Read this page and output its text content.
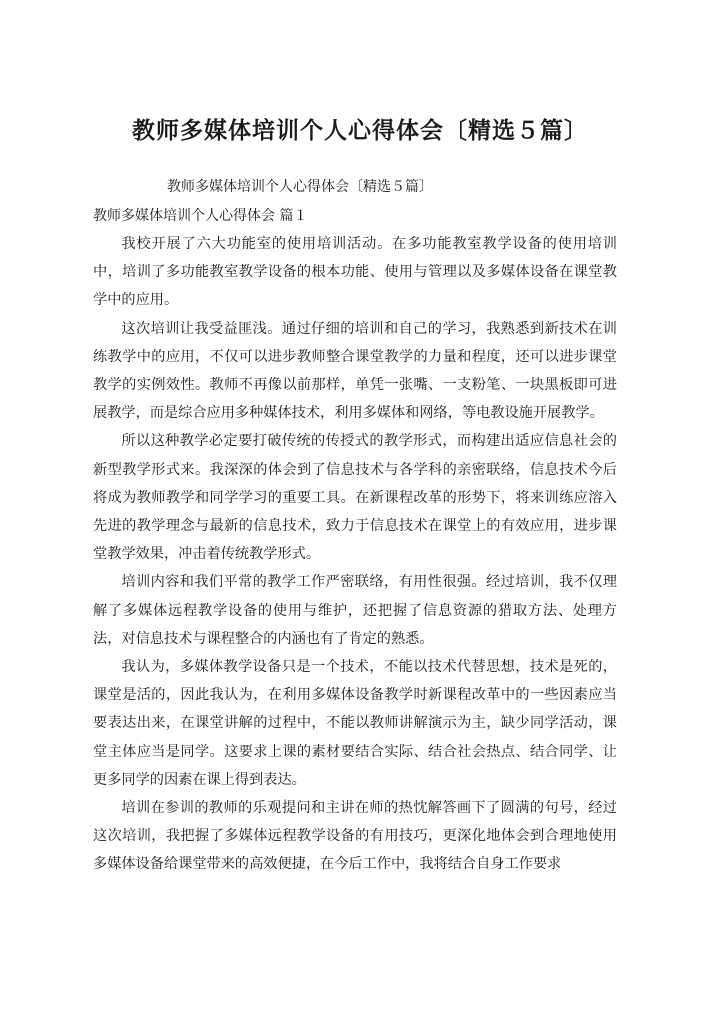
教师多媒体培训个人心得体会〔精选５篇〕

教师多媒体培训个人心得体会〔精选５篇〕

教师多媒体培训个人心得体会 篇１

我校开展了六大功能室的使用培训活动。在多功能教室教学设备的使用培训中，培训了多功能教室教学设备的根本功能、使用与管理以及多媒体设备在课堂教学中的应用。

这次培训让我受益匪浅。通过仔细的培训和自己的学习，我熟悉到新技术在训练教学中的应用，不仅可以进步教师整合课堂教学的力量和程度，还可以进步课堂教学的实例效性。教师不再像以前那样，单凭一张嘴、一支粉笔、一块黑板即可进展教学，而是综合应用多种媒体技术，利用多媒体和网络，等电教设施开展教学。

所以这种教学必定要打破传统的传授式的教学形式，而构建出适应信息社会的新型教学形式来。我深深的体会到了信息技术与各学科的亲密联络，信息技术今后将成为教师教学和同学学习的重要工具。在新课程改革的形势下，将来训练应溶入先进的教学理念与最新的信息技术，致力于信息技术在课堂上的有效应用，进步课堂教学效果，冲击着传统教学形式。

培训内容和我们平常的教学工作严密联络，有用性很强。经过培训，我不仅理解了多媒体远程教学设备的使用与维护，还把握了信息资源的猎取方法、处理方法，对信息技术与课程整合的内涵也有了肯定的熟悉。

我认为，多媒体教学设备只是一个技术，不能以技术代替思想，技术是死的，课堂是活的，因此我认为，在利用多媒体设备教学时新课程改革中的一些因素应当要表达出来，在课堂讲解的过程中，不能以教师讲解演示为主，缺少同学活动，课堂主体应当是同学。这要求上课的素材要结合实际、结合社会热点、结合同学、让更多同学的因素在课上得到表达。

培训在参训的教师的乐观提问和主讲在师的热忱解答画下了圆满的句号，经过这次培训，我把握了多媒体远程教学设备的有用技巧，更深化地体会到合理地使用多媒体设备给课堂带来的高效便捷，在今后工作中，我将结合自身工作要求
